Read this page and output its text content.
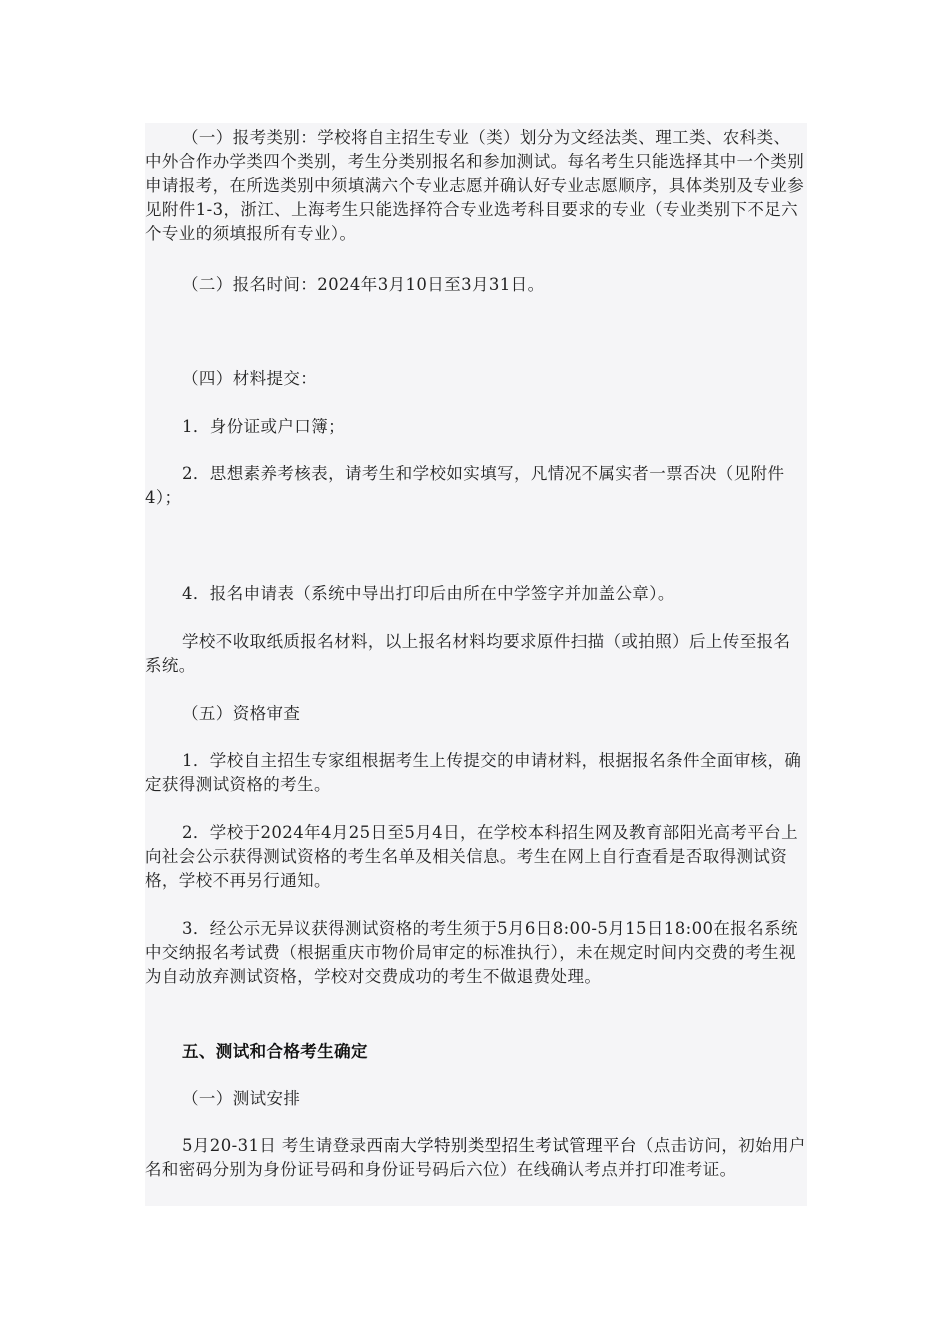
（一）报考类别：学校将自主招生专业（类）划分为文经法类、理工类、农科类、中外合作办学类四个类别，考生分类别报名和参加测试。每名考生只能选择其中一个类别申请报考，在所选类别中须填满六个专业志愿并确认好专业志愿顺序，具体类别及专业参见附件1-3，浙江、上海考生只能选择符合专业选考科目要求的专业（专业类别下不足六个专业的须填报所有专业）。
（二）报名时间：2024年3月10日至3月31日。
（四）材料提交：
1．身份证或户口簿；
2．思想素养考核表，请考生和学校如实填写，凡情况不属实者一票否决（见附件4）；
4．报名申请表（系统中导出打印后由所在中学签字并加盖公章）。
学校不收取纸质报名材料，以上报名材料均要求原件扫描（或拍照）后上传至报名系统。
（五）资格审查
1．学校自主招生专家组根据考生上传提交的申请材料，根据报名条件全面审核，确定获得测试资格的考生。
2．学校于2024年4月25日至5月4日，在学校本科招生网及教育部阳光高考平台上向社会公示获得测试资格的考生名单及相关信息。考生在网上自行查看是否取得测试资格，学校不再另行通知。
3．经公示无异议获得测试资格的考生须于5月6日8:00-5月15日18:00在报名系统中交纳报名考试费（根据重庆市物价局审定的标准执行），未在规定时间内交费的考生视为自动放弃测试资格，学校对交费成功的考生不做退费处理。
五、测试和合格考生确定
（一）测试安排
5月20-31日 考生请登录西南大学特别类型招生考试管理平台（点击访问，初始用户名和密码分别为身份证号码和身份证号码后六位）在线确认考点并打印准考证。
